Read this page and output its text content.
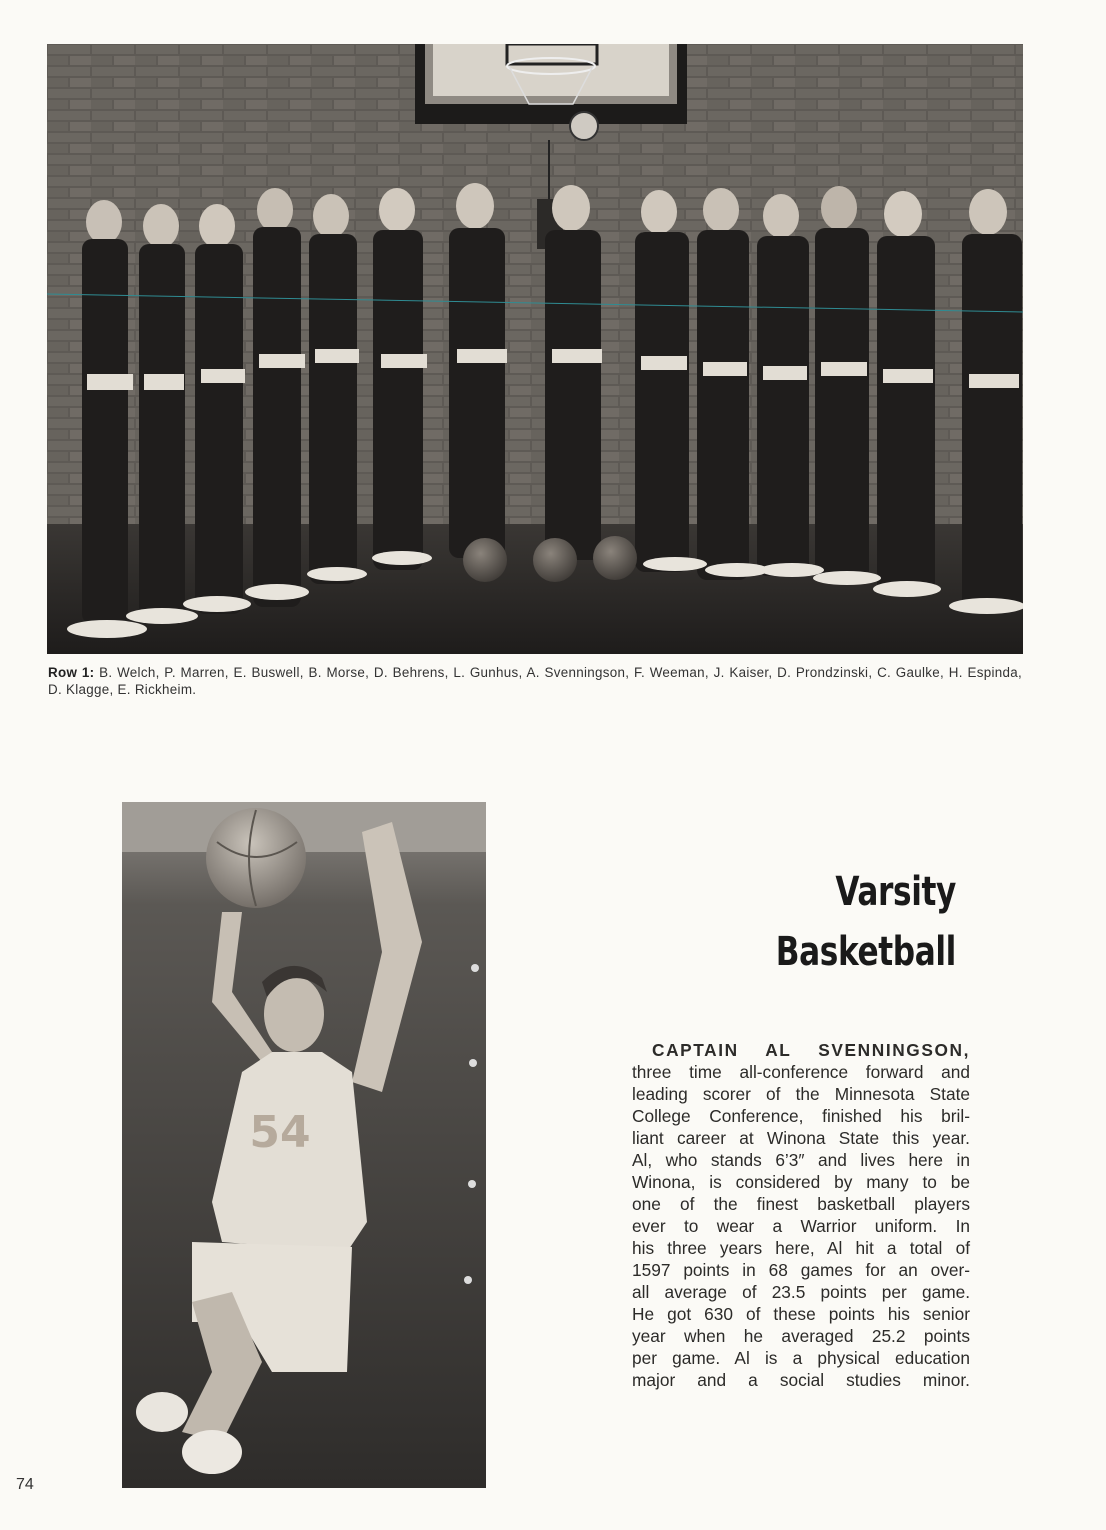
Row 1: B. Welch, P. Marren, E. Buswell, B. Morse, D. Behrens, L. Gunhus, A. Svenningson, F. Weeman, J. Kaiser, D. Prondzinski, C. Gaulke, H. Espinda, D. Klagge, E. Rickheim.
54
Varsity Basketball
CAPTAIN AL SVENNINGSON,
three time all-conference forward and
leading scorer of the Minnesota State
College Conference, finished his bril-
liant career at Winona State this year.
Al, who stands 6’3″ and lives here in
Winona, is considered by many to be
one of the finest basketball players
ever to wear a Warrior uniform. In
his three years here, Al hit a total of
1597 points in 68 games for an over-
all average of 23.5 points per game.
He got 630 of these points his senior
year when he averaged 25.2 points
per game. Al is a physical education
major and a social studies minor.
74
